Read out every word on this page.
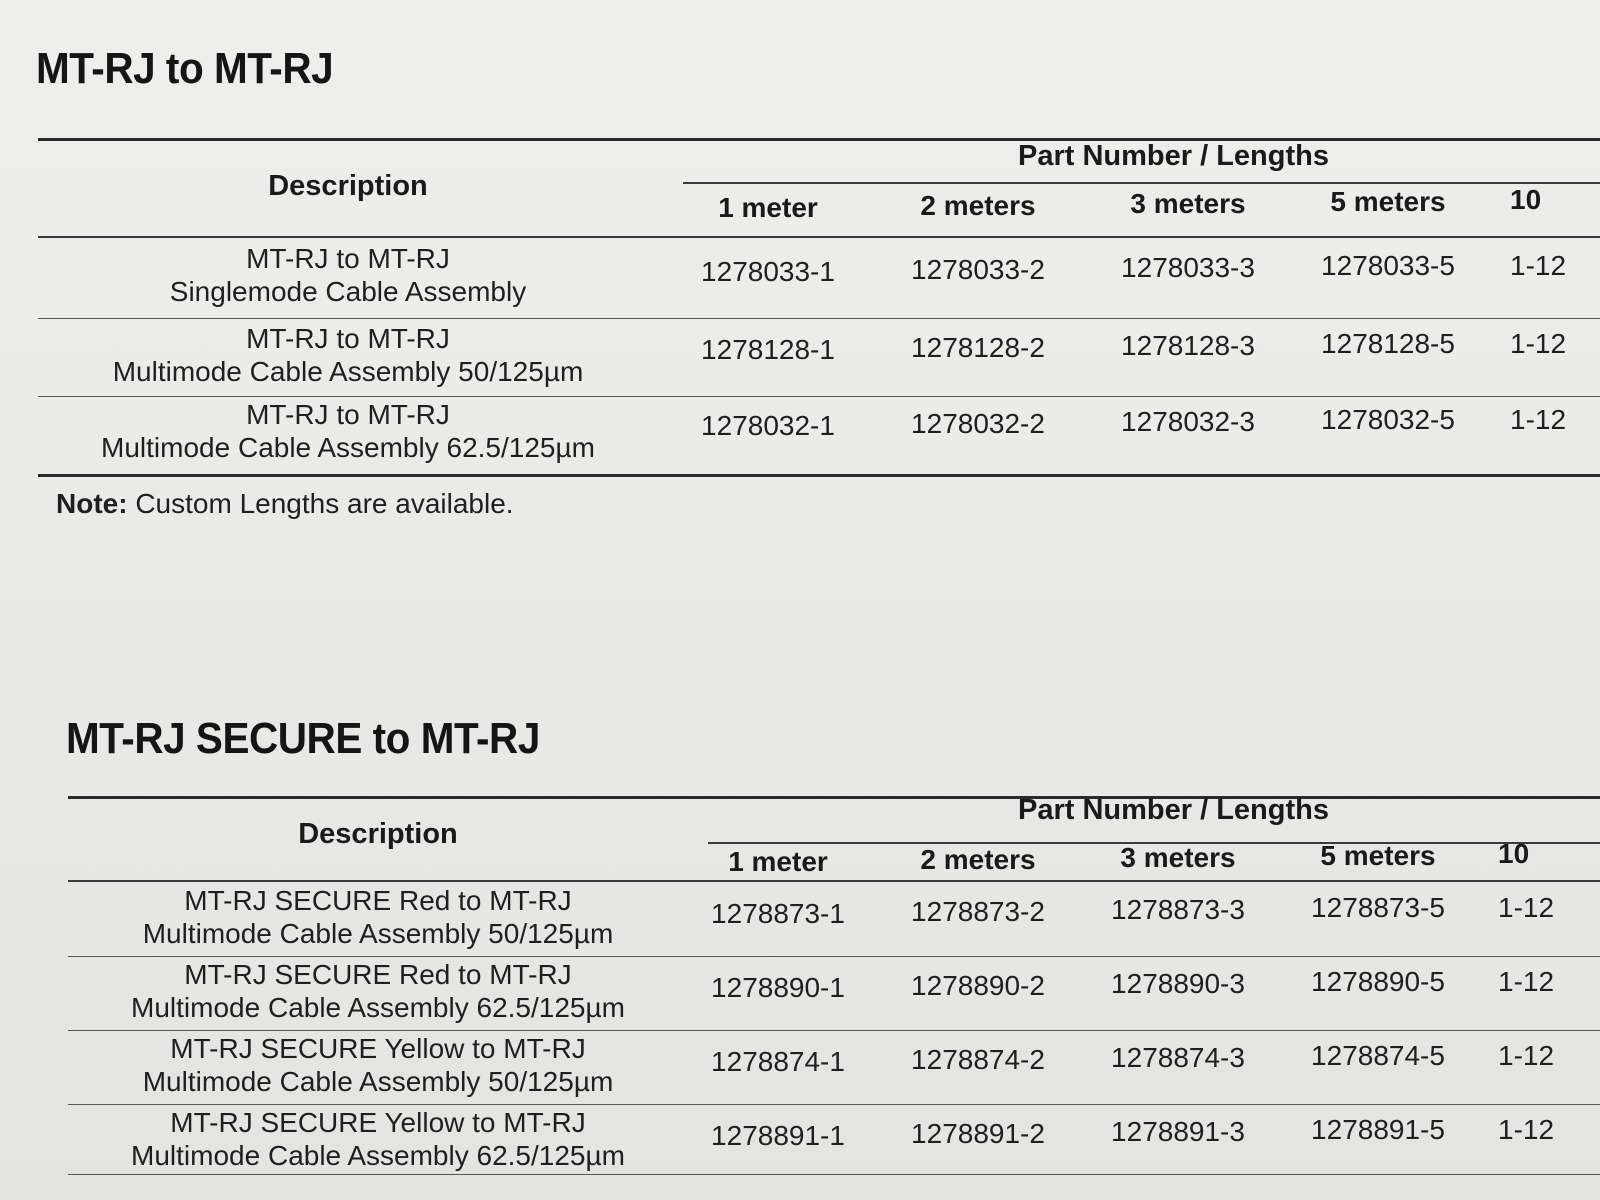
MT-RJ to MT-RJ
Part Number / Lengths
Description
1 meter	2 meters	3 meters	5 meters	10
MT-RJ to MT-RJ
Singlemode Cable Assembly
1278033-1	1278033-2	1278033-3	1278033-5	1-12
MT-RJ to MT-RJ
Multimode Cable Assembly 50/125µm
1278128-1	1278128-2	1278128-3	1278128-5	1-12
MT-RJ to MT-RJ
Multimode Cable Assembly 62.5/125µm
1278032-1	1278032-2	1278032-3	1278032-5	1-12
Note: Custom Lengths are available.
MT-RJ SECURE to MT-RJ
Part Number / Lengths
Description
1 meter	2 meters	3 meters	5 meters	10
MT-RJ SECURE Red to MT-RJ
Multimode Cable Assembly 50/125µm
1278873-1	1278873-2	1278873-3	1278873-5	1-12
MT-RJ SECURE Red to MT-RJ
Multimode Cable Assembly 62.5/125µm
1278890-1	1278890-2	1278890-3	1278890-5	1-12
MT-RJ SECURE Yellow to MT-RJ
Multimode Cable Assembly 50/125µm
1278874-1	1278874-2	1278874-3	1278874-5	1-12
MT-RJ SECURE Yellow to MT-RJ
Multimode Cable Assembly 62.5/125µm
1278891-1	1278891-2	1278891-3	1278891-5	1-12
